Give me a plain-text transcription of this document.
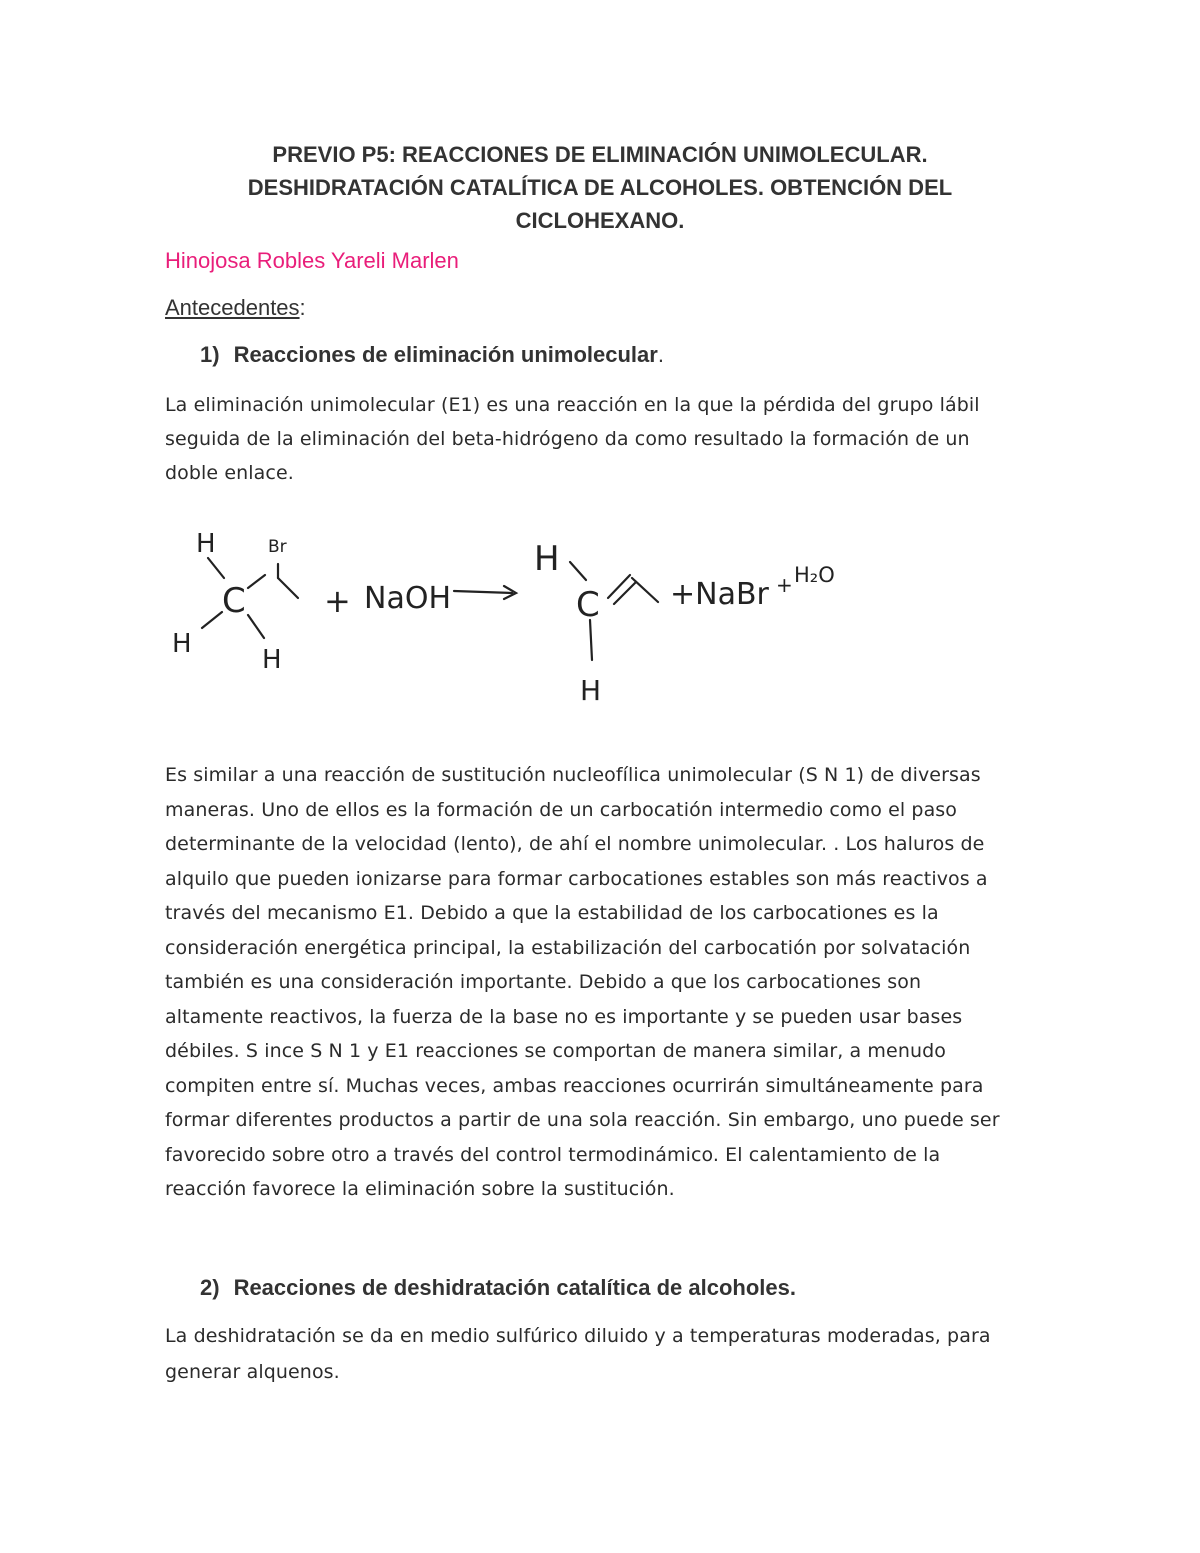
PREVIO P5: REACCIONES DE ELIMINACIÓN UNIMOLECULAR.
DESHIDRATACIÓN CATALÍTICA DE ALCOHOLES. OBTENCIÓN DEL
CICLOHEXANO.
Hinojosa Robles Yareli Marlen
Antecedentes:
1) Reacciones de eliminación unimolecular.
La eliminación unimolecular (E1) es una reacción en la que la pérdida del grupo lábil
seguida de la eliminación del beta-hidrógeno da como resultado la formación de un
doble enlace.
H	Br
C
H
H
+ NaOH
H
C
H
+NaBr + H₂O
Es similar a una reacción de sustitución nucleofílica unimolecular (S N 1) de diversas
maneras. Uno de ellos es la formación de un carbocatión intermedio como el paso
determinante de la velocidad (lento), de ahí el nombre unimolecular. . Los haluros de
alquilo que pueden ionizarse para formar carbocationes estables son más reactivos a
través del mecanismo E1. Debido a que la estabilidad de los carbocationes es la
consideración energética principal, la estabilización del carbocatión por solvatación
también es una consideración importante. Debido a que los carbocationes son
altamente reactivos, la fuerza de la base no es importante y se pueden usar bases
débiles. S ince S N 1 y E1 reacciones se comportan de manera similar, a menudo
compiten entre sí. Muchas veces, ambas reacciones ocurrirán simultáneamente para
formar diferentes productos a partir de una sola reacción. Sin embargo, uno puede ser
favorecido sobre otro a través del control termodinámico. El calentamiento de la
reacción favorece la eliminación sobre la sustitución.
2) Reacciones de deshidratación catalítica de alcoholes.
La deshidratación se da en medio sulfúrico diluido y a temperaturas moderadas, para
generar alquenos.
